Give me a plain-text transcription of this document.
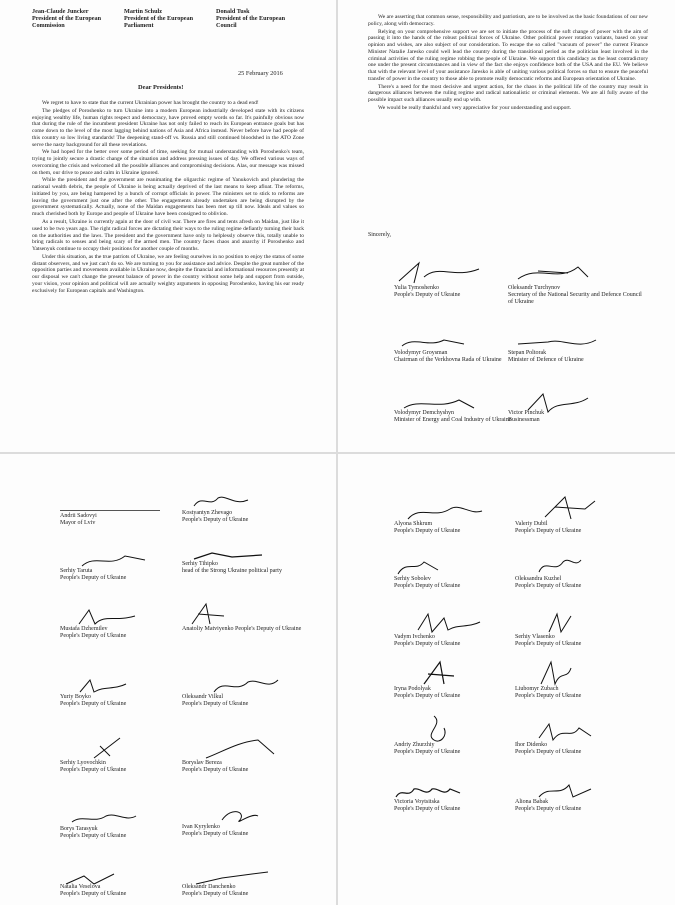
Jean-Claude Juncker
President of the European Commission
Martin Schulz
President of the European Parliament
Donald Tusk
President of the European Council
25 February 2016
Dear Presidents!

We regret to have to state that the current Ukrainian power has brought the country to a dead end!

The pledges of Poroshenko to turn Ukraine into a modern European industrially developed state with its citizens enjoying wealthy life, human rights respect and democracy, have proved empty words so far. It's painfully obvious now that during the rule of the incumbent president Ukraine has not only failed to reach its European entrance goals but has come down to the level of the most lagging behind nations of Asia and Africa instead. Never before have had people of this country so low living standards! The deepening stand-off vs. Russia and still continued bloodshed in the ATO Zone serve the nasty background for all these revelations.

We had hoped for the better over some period of time, seeking for mutual understanding with Poroshenko's team, trying to jointly secure a drastic change of the situation and address pressing issues of day. We offered various ways of overcoming the crisis and welcomed all the possible alliances and compromising decisions. Alas, our message was missed on them, our drive to peace and calm in Ukraine ignored.

While the president and the government are reanimating the oligarchic regime of Yanukovich and plundering the national wealth debris, the people of Ukraine is being actually deprived of the last means to keep afloat. The reforms, initiated by you, are being hampered by a bunch of corrupt officials in power. The ministers set to stick to reforms are leaving the government just one after the other. The engagements already undertaken are being disrupted by the government systematically. Actually, none of the Maidan engagements has been met up till now. Ideals and values so much cherished both by Europe and people of Ukraine have been consigned to oblivion.

As a result, Ukraine is currently again at the door of civil war. There are fires and tents afresh on Maidan, just like it used to be two years ago. The right radical forces are dictating their ways to the ruling regime defiantly turning their back on the authorities and the laws. The president and the government have only to helplessly observe this, totally unable to bring radicals to senses and being scary of the armed men. The country faces chaos and anarchy if Poroshenko and Yatsenyuk continue to occupy their positions for another couple of months.

Under this situation, as the true patriots of Ukraine, we are feeling ourselves in no position to enjoy the status of some distant observers, and we just can't do so. We are turning to you for assistance and advice. Despite the great number of the opposition parties and movements available in Ukraine now, despite the financial and informational resources presently at our disposal we can't change the present balance of power in the country without some help and support from outside, your vision, your opinion and political will are actually weighty arguments in opposing Poroshenko, having his ear ready exclusively for European capitals and Washington.

We are asserting that common sense, responsibility and patriotism, are to be involved as the basic foundations of our new policy, along with democracy.

Relying on your comprehensive support we are set to initiate the process of the soft change of power with the aim of passing it into the hands of the robust political forces of Ukraine. Other political power rotation variants, based on your opinion and wishes, are also subject of our consideration. To escape the so called "vacuum of power" the current Finance Minister Natalie Jaresko could well lead the country during the transitional period as the politician least involved in the criminal activities of the ruling regime robbing the people of Ukraine. We support this candidacy as the least contradictory one under the present circumstances and in view of the fact she enjoys confidence both of the USA and the EU. We believe that with the relevant level of your assistance Jaresko is able of uniting various political forces so that to ensure the peaceful transfer of power in the country to those able to promote really democratic reforms and European orientation of Ukraine.

There's a need for the most decisive and urgent action, for the chaos in the political life of the country may result in dangerous alliances between the ruling regime and radical nationalistic or criminal elements. We are all fully aware of the possible impact such alliances usually end up with.

We would be really thankful and very appreciative for your understanding and support.

Sincerely,
Yulia Tymoshenko
People's Deputy of Ukraine
Oleksandr Turchynov
Secretary of the National Security and Defence Council of Ukraine
Volodymyr Groysman
Chairman of the Verkhovna Rada of Ukraine
Stepan Poltorak
Minister of Defence of Ukraine
Volodymyr Demchyshyn
Minister of Energy and Coal Industry of Ukraine
Victor Pinchuk
Businessman
Andrii Sadovyi
Mayor of Lviv
Kostyantyn Zhevago
People's Deputy of Ukraine
Serhiy Taruta
People's Deputy of Ukraine
Serhiy Tihipko
head of the Strong Ukraine political party
Mustafa Dzhemilev
People's Deputy of Ukraine
Anatoliy Matviyenko People's Deputy of Ukraine
Yuriy Boyko
People's Deputy of Ukraine
Oleksandr Vilkul
People's Deputy of Ukraine
Serhiy Lyovochkin
People's Deputy of Ukraine
Boryslav Bereza
People's Deputy of Ukraine
Borys Tarasyuk
People's Deputy of Ukraine
Ivan Kyrylenko
People's Deputy of Ukraine
Natalia Veselova
People's Deputy of Ukraine
Oleksandr Danchenko
People's Deputy of Ukraine
Alyona Shkrum
People's Deputy of Ukraine
Valeriy Dubil
People's Deputy of Ukraine
Serhiy Sobolev
People's Deputy of Ukraine
Oleksandra Kuzhel
People's Deputy of Ukraine
Vadym Ivchenko
People's Deputy of Ukraine
Serhiy Vlasenko
People's Deputy of Ukraine
Iryna Podolyak
People's Deputy of Ukraine
Liubomyr Zubach
People's Deputy of Ukraine
Andriy Zhurzhiy
People's Deputy of Ukraine
Ihor Didenko
People's Deputy of Ukraine
Victoria Voytsitska
People's Deputy of Ukraine
Aliona Babak
People's Deputy of Ukraine
